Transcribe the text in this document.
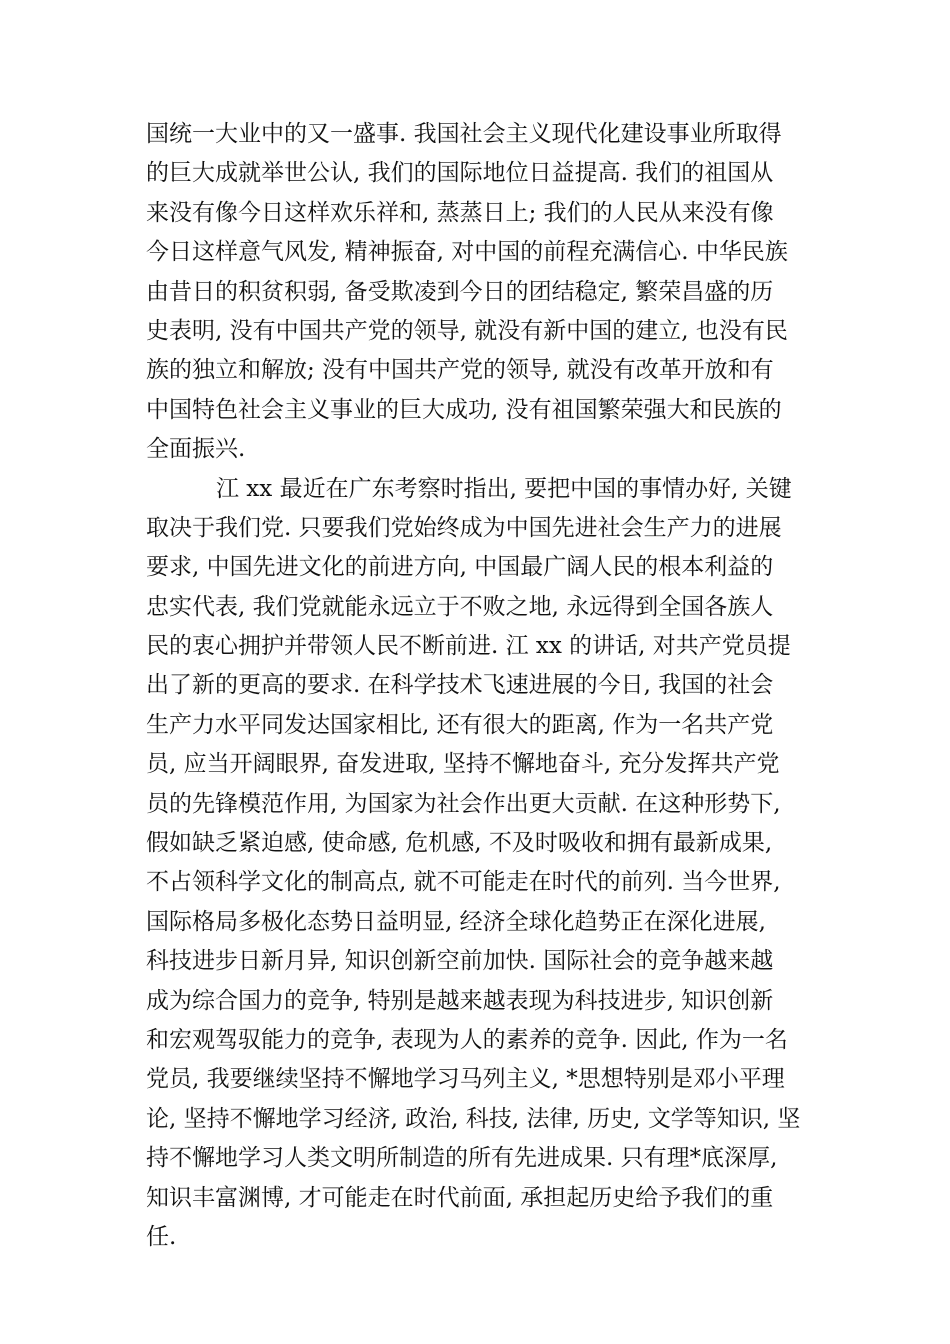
国统一大业中的又一盛事. 我国社会主义现代化建设事业所取得
的巨大成就举世公认, 我们的国际地位日益提高. 我们的祖国从
来没有像今日这样欢乐祥和, 蒸蒸日上; 我们的人民从来没有像
今日这样意气风发, 精神振奋, 对中国的前程充满信心. 中华民族
由昔日的积贫积弱, 备受欺凌到今日的团结稳定, 繁荣昌盛的历
史表明, 没有中国共产党的领导, 就没有新中国的建立, 也没有民
族的独立和解放; 没有中国共产党的领导, 就没有改革开放和有
中国特色社会主义事业的巨大成功, 没有祖国繁荣强大和民族的
全面振兴.
江 xx 最近在广东考察时指出, 要把中国的事情办好, 关键
取决于我们党. 只要我们党始终成为中国先进社会生产力的进展
要求, 中国先进文化的前进方向, 中国最广阔人民的根本利益的
忠实代表, 我们党就能永远立于不败之地, 永远得到全国各族人
民的衷心拥护并带领人民不断前进. 江 xx 的讲话, 对共产党员提
出了新的更高的要求. 在科学技术飞速进展的今日, 我国的社会
生产力水平同发达国家相比, 还有很大的距离, 作为一名共产党
员, 应当开阔眼界, 奋发进取, 坚持不懈地奋斗, 充分发挥共产党
员的先锋模范作用, 为国家为社会作出更大贡献. 在这种形势下,
假如缺乏紧迫感, 使命感, 危机感, 不及时吸收和拥有最新成果,
不占领科学文化的制高点, 就不可能走在时代的前列. 当今世界,
国际格局多极化态势日益明显, 经济全球化趋势正在深化进展,
科技进步日新月异, 知识创新空前加快. 国际社会的竞争越来越
成为综合国力的竞争, 特别是越来越表现为科技进步, 知识创新
和宏观驾驭能力的竞争, 表现为人的素养的竞争. 因此, 作为一名
党员, 我要继续坚持不懈地学习马列主义, *思想特别是邓小平理
论, 坚持不懈地学习经济, 政治, 科技, 法律, 历史, 文学等知识, 坚
持不懈地学习人类文明所制造的所有先进成果. 只有理*底深厚,
知识丰富渊博, 才可能走在时代前面, 承担起历史给予我们的重
任.
